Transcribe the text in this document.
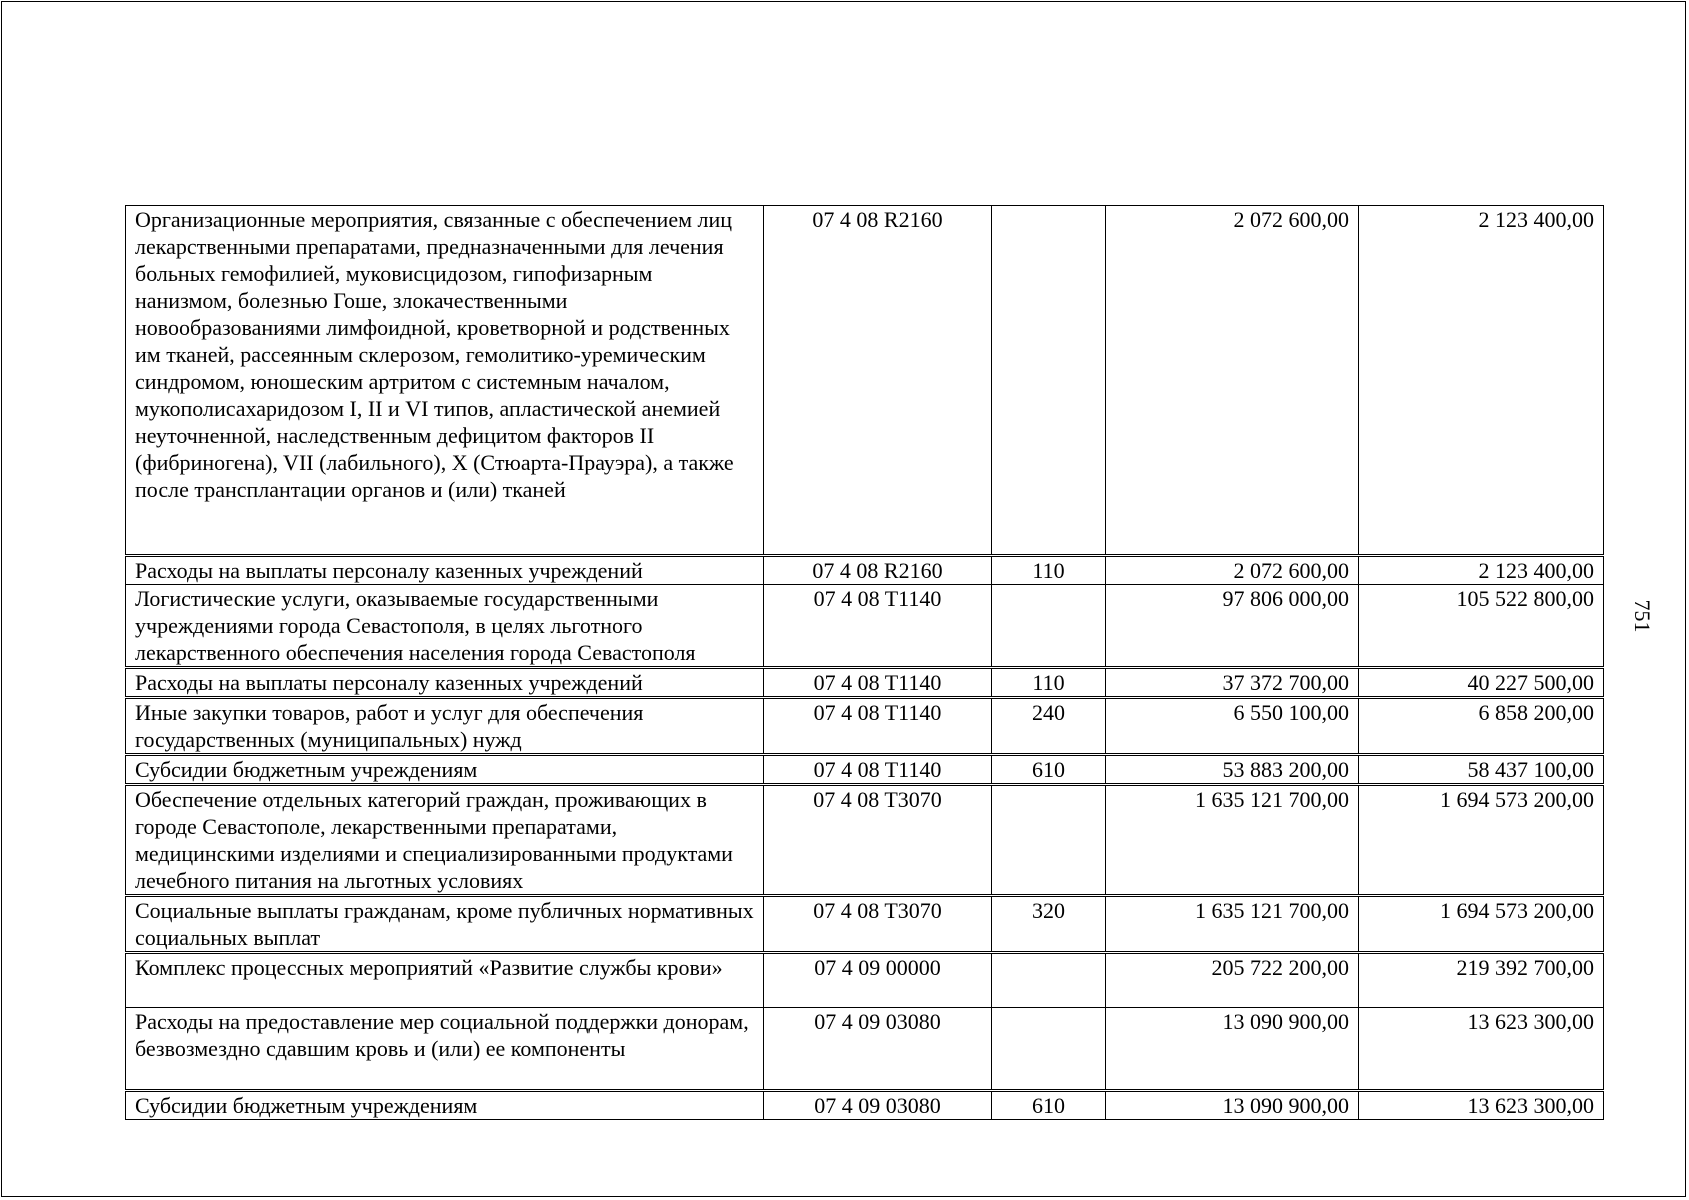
Организационные мероприятия, связанные с обеспечением лиц лекарственными препаратами, предназначенными для лечения больных гемофилией, муковисцидозом, гипофизарным нанизмом, болезнью Гоше, злокачественными новообразованиями лимфоидной, кроветворной и родственных им тканей, рассеянным склерозом, гемолитико-уремическим синдромом, юношеским артритом с системным началом, мукополисахаридозом I, II и VI типов, апластической анемией неуточненной, наследственным дефицитом факторов II (фибриногена), VII (лабильного), X (Стюарта-Прауэра), а также после трансплантации органов и (или) тканей	07 4 08 R2160		2 072 600,00	2 123 400,00
Расходы на выплаты персоналу казенных учреждений	07 4 08 R2160	110	2 072 600,00	2 123 400,00
Логистические услуги, оказываемые государственными учреждениями города Севастополя, в целях льготного лекарственного обеспечения населения города Севастополя	07 4 08 T1140		97 806 000,00	105 522 800,00
Расходы на выплаты персоналу казенных учреждений	07 4 08 T1140	110	37 372 700,00	40 227 500,00
Иные закупки товаров, работ и услуг для обеспечения государственных (муниципальных) нужд	07 4 08 T1140	240	6 550 100,00	6 858 200,00
Субсидии бюджетным учреждениям	07 4 08 T1140	610	53 883 200,00	58 437 100,00
Обеспечение отдельных категорий граждан, проживающих в городе Севастополе, лекарственными препаратами, медицинскими изделиями и специализированными продуктами лечебного питания на льготных условиях	07 4 08 T3070		1 635 121 700,00	1 694 573 200,00
Социальные выплаты гражданам, кроме публичных нормативных социальных выплат	07 4 08 T3070	320	1 635 121 700,00	1 694 573 200,00
Комплекс процессных мероприятий «Развитие службы крови»	07 4 09 00000		205 722 200,00	219 392 700,00
Расходы на предоставление мер социальной поддержки донорам, безвозмездно сдавшим кровь и (или) ее компоненты	07 4 09 03080		13 090 900,00	13 623 300,00
Субсидии бюджетным учреждениям	07 4 09 03080	610	13 090 900,00	13 623 300,00
751
